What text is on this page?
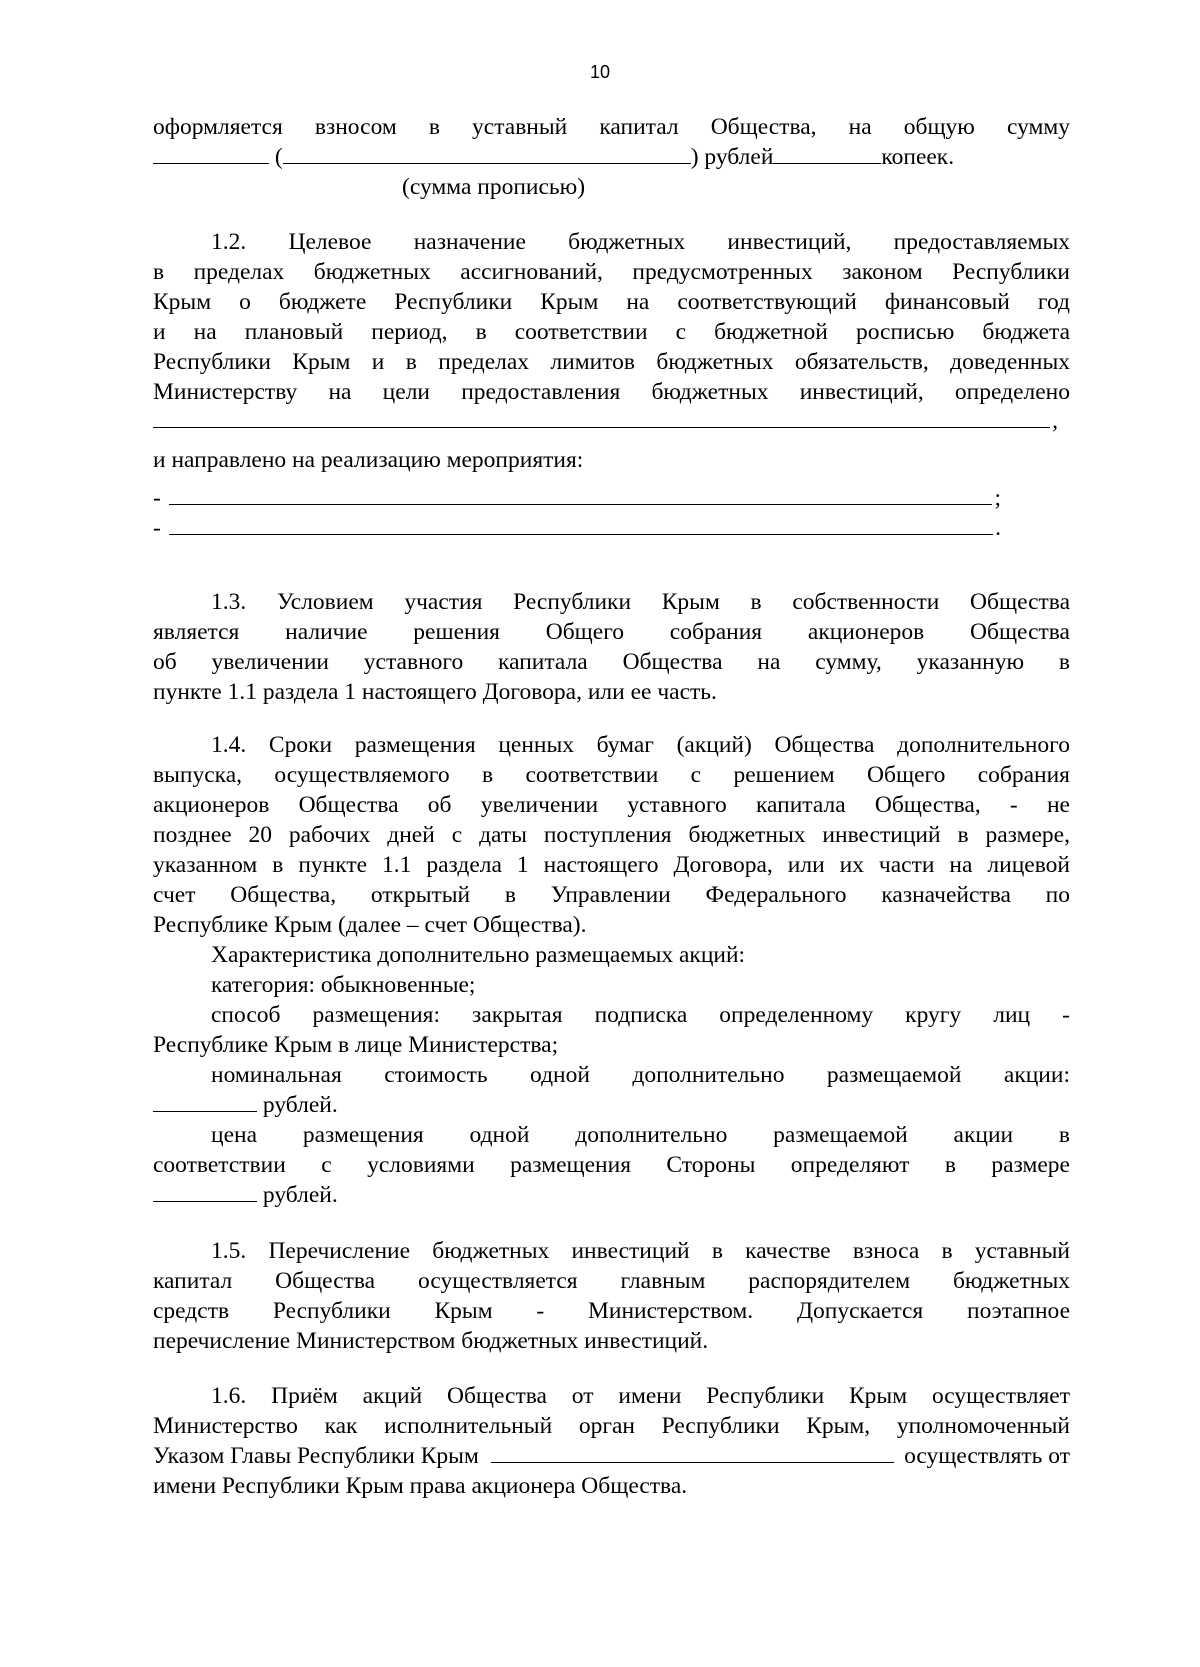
10
оформляется взносом в уставный капитал Общества, на общую сумму
(	) рублей	копеек.
(сумма прописью)
1.2. Целевое назначение бюджетных инвестиций, предоставляемых
в пределах бюджетных ассигнований, предусмотренных законом Республики
Крым о бюджете Республики Крым на соответствующий финансовый год
и на плановый период, в соответствии с бюджетной росписью бюджета
Республики Крым и в пределах лимитов бюджетных обязательств, доведенных
Министерству на цели предоставления бюджетных инвестиций, определено
,
и направлено на реализацию мероприятия:
-	;
-	.
1.3. Условием участия Республики Крым в собственности Общества
является наличие решения Общего собрания акционеров Общества
об увеличении уставного капитала Общества на сумму, указанную в
пункте 1.1 раздела 1 настоящего Договора, или ее часть.
1.4. Сроки размещения ценных бумаг (акций) Общества дополнительного
выпуска, осуществляемого в соответствии с решением Общего собрания
акционеров Общества об увеличении уставного капитала Общества, - не
позднее 20 рабочих дней с даты поступления бюджетных инвестиций в размере,
указанном в пункте 1.1 раздела 1 настоящего Договора, или их части на лицевой
счет Общества, открытый в Управлении Федерального казначейства по
Республике Крым (далее – счет Общества).
Характеристика дополнительно размещаемых акций:
категория: обыкновенные;
способ размещения: закрытая подписка определенному кругу лиц -
Республике Крым в лице Министерства;
номинальная стоимость одной дополнительно размещаемой акции:
рублей.
цена размещения одной дополнительно размещаемой акции в
соответствии с условиями размещения Стороны определяют в размере
рублей.
1.5. Перечисление бюджетных инвестиций в качестве взноса в уставный
капитал Общества осуществляется главным распорядителем бюджетных
средств Республики Крым - Министерством. Допускается поэтапное
перечисление Министерством бюджетных инвестиций.
1.6. Приём акций Общества от имени Республики Крым осуществляет
Министерство как исполнительный орган Республики Крым, уполномоченный
Указом Главы Республики Крым	осуществлять от
имени Республики Крым права акционера Общества.
